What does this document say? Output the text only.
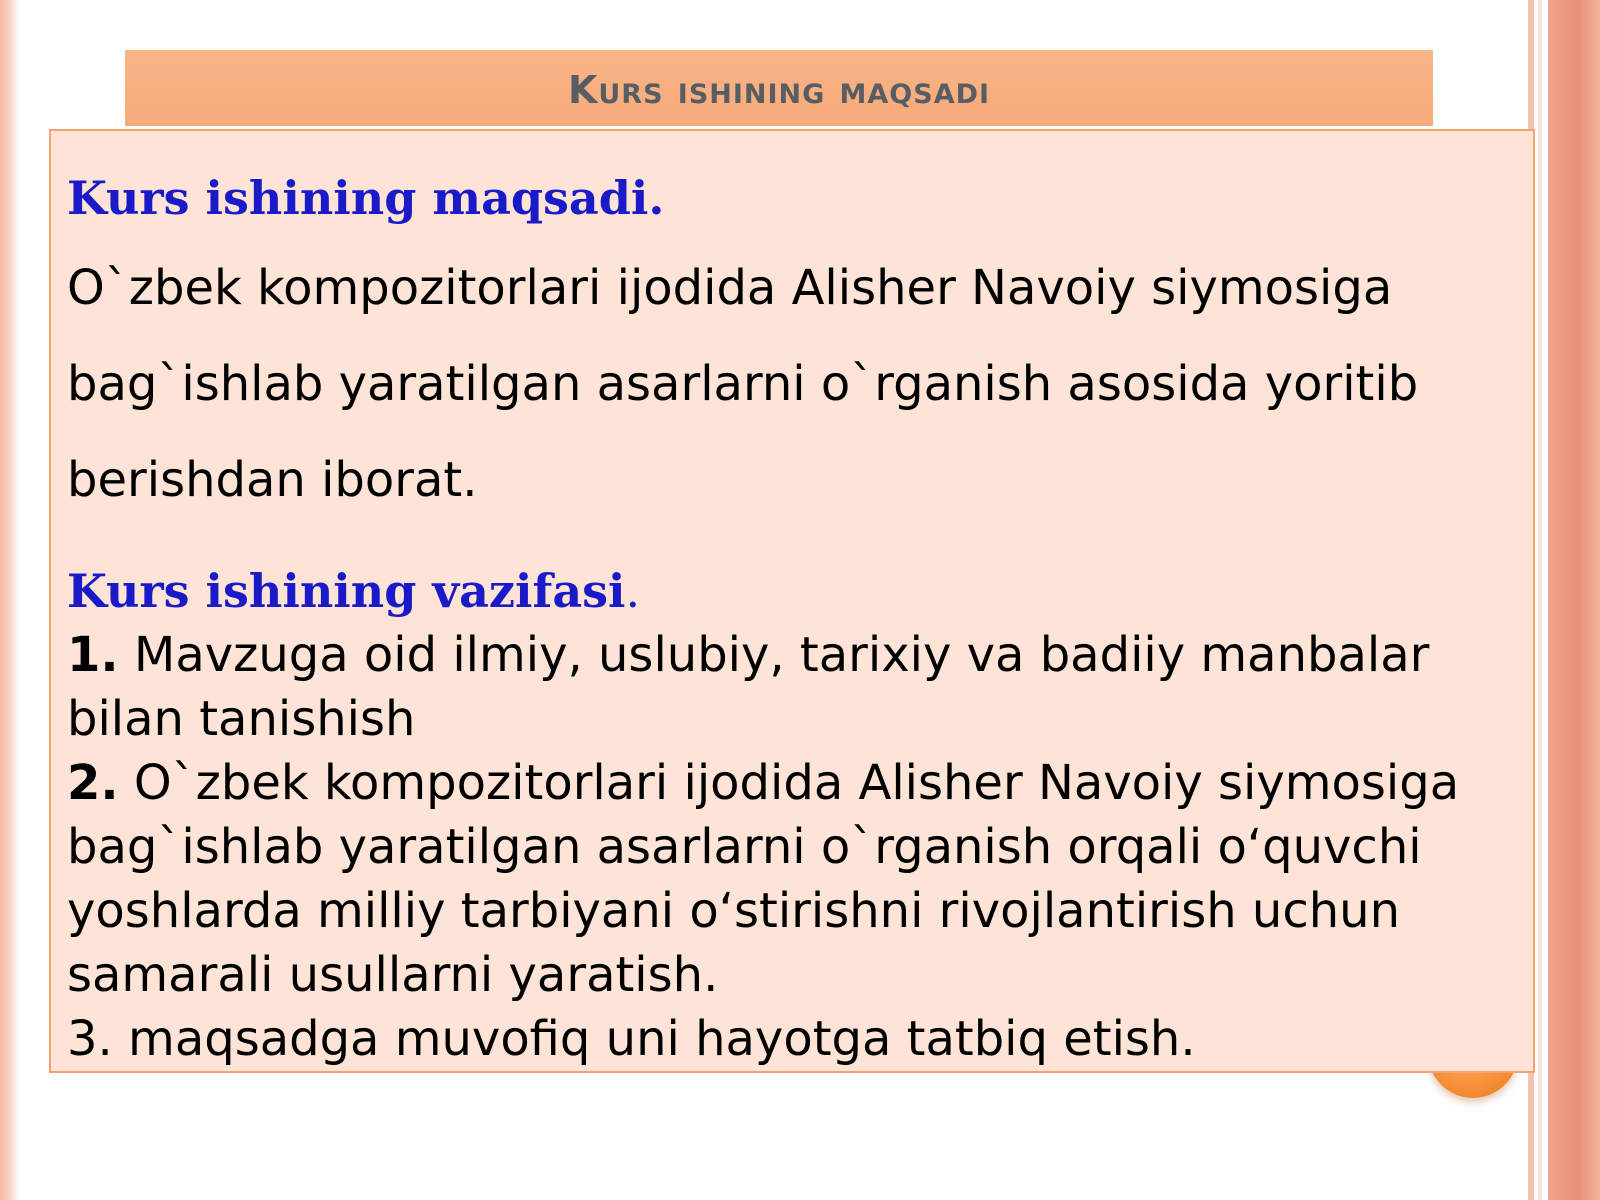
Kurs ishining maqsadi

Kurs ishining maqsadi.

O`zbek kompozitorlari ijodida Alisher Navoiy siymosiga bag`ishlab yaratilgan asarlarni o`rganish asosida yoritib berishdan iborat.

Kurs ishining vazifasi.

1. Mavzuga oid ilmiy, uslubiy, tarixiy va badiiy manbalar bilan tanishish
2. O`zbek kompozitorlari ijodida Alisher Navoiy siymosiga bag`ishlab yaratilgan asarlarni o`rganish orqali o‘quvchi yoshlarda milliy tarbiyani o‘stirishni rivojlantirish uchun samarali usullarni yaratish.
3. maqsadga muvofiq uni hayotga tatbiq etish.
